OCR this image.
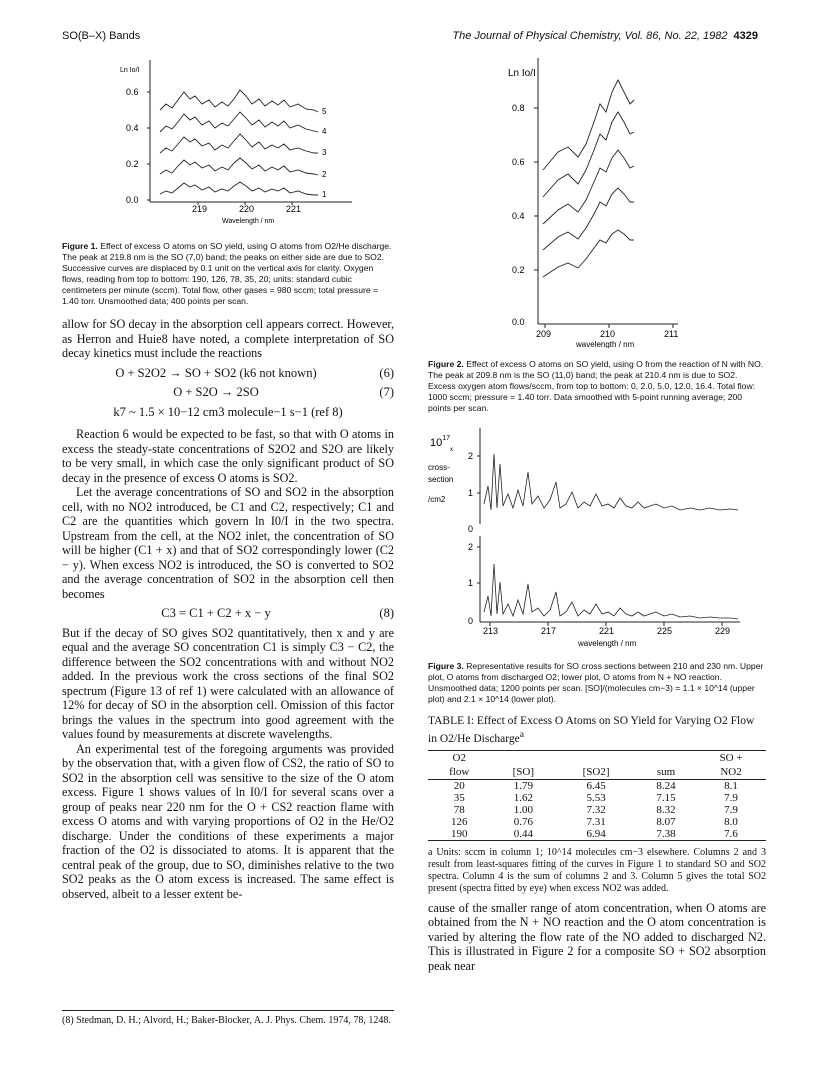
SO(B–X) Bands	The Journal of Physical Chemistry, Vol. 86, No. 22, 1982 4329
Ln Io/I
0.6
0.4
0.2
0.0
219	220	221
Wavelength / nm
5
4
3
2
1
Figure 1. Effect of excess O atoms on SO yield, using O atoms from O2/He discharge. The peak at 219.8 nm is the SO (7,0) band; the peaks on either side are due to SO2. Successive curves are displaced by 0.1 unit on the vertical axis for clarity. Oxygen flows, reading from top to bottom: 190, 126, 78, 35, 20; units: standard cubic centimeters per minute (sccm). Total flow, other gases = 980 sccm; total pressure = 1.40 torr. Unsmoothed data; 400 points per scan.

allow for SO decay in the absorption cell appears correct. However, as Herron and Huie8 have noted, a complete interpretation of SO decay kinetics must include the reactions

O + S2O2 → SO + SO2 (k6 not known)	(6)
O + S2O → 2SO	(7)
k7 ~ 1.5 × 10−12 cm3 molecule−1 s−1 (ref 8)

Reaction 6 would be expected to be fast, so that with O atoms in excess the steady-state concentrations of S2O2 and S2O are likely to be very small, in which case the only significant product of SO decay in the presence of excess O atoms is SO2.

Let the average concentrations of SO and SO2 in the absorption cell, with no NO2 introduced, be C1 and C2, respectively; C1 and C2 are the quantities which govern ln I0/I in the two spectra. Upstream from the cell, at the NO2 inlet, the concentration of SO will be higher (C1 + x) and that of SO2 correspondingly lower (C2 − y). When excess NO2 is introduced, the SO is converted to SO2 and the average concentration of SO2 in the absorption cell then becomes

C3 = C1 + C2 + x − y	(8)

But if the decay of SO gives SO2 quantitatively, then x and y are equal and the average SO concentration C1 is simply C3 − C2, the difference between the SO2 concentrations with and without NO2 added. In the previous work the cross sections of the final SO2 spectrum (Figure 13 of ref 1) were calculated with an allowance of 12% for decay of SO in the absorption cell. Omission of this factor brings the values in the spectrum into good agreement with the values found by measurements at discrete wavelengths.

An experimental test of the foregoing arguments was provided by the observation that, with a given flow of CS2, the ratio of SO to SO2 in the absorption cell was sensitive to the size of the O atom excess. Figure 1 shows values of ln I0/I for several scans over a group of peaks near 220 nm for the O + CS2 reaction flame with excess O atoms and with varying proportions of O2 in the He/O2 discharge. Under the conditions of these experiments a major fraction of the O2 is dissociated to atoms. It is apparent that the central peak of the group, due to SO, diminishes relative to the two SO2 peaks as the O atom excess is increased. The same effect is observed, albeit to a lesser extent be-

(8) Stedman, D. H.; Alvord, H.; Baker-Blocker, A. J. Phys. Chem. 1974, 78, 1248.
Ln Io/I
0.8
0.6
0.4
0.2
0.0
209	210	211
wavelength / nm
Figure 2. Effect of excess O atoms on SO yield, using O from the reaction of N with NO. The peak at 209.8 nm is the SO (11,0) band; the peak at 210.4 nm is due to SO2. Excess oxygen atom flows/sccm, from top to bottom: 0, 2.0, 5.0, 12.0, 16.4. Total flow: 1000 sccm; pressure = 1.40 torr. Data smoothed with 5-point running average; 200 points per scan.
$10^{17}$
x
cross-
section
/cm2
2
1
0
2
1
0
213	217	221	225	229
wavelength / nm
Figure 3. Representative results for SO cross sections between 210 and 230 nm. Upper plot, O atoms from discharged O2; lower plot, O atoms from N + NO reaction. Unsmoothed data; 1200 points per scan. [SO]/(molecules cm−3) = 1.1 × 10^14 (upper plot) and 2.1 × 10^14 (lower plot).
TABLE I: Effect of Excess O Atoms on SO Yield for Varying O2 Flow in O2/He Discharge$^a$
O2				SO +
flow	[SO]	[SO2]	sum	NO2
20	1.79	6.45	8.24	8.1
35	1.62	5.53	7.15	7.9
78	1.00	7.32	8.32	7.9
126	0.76	7.31	8.07	8.0
190	0.44	6.94	7.38	7.6
a Units: sccm in column 1; 10^14 molecules cm−3 elsewhere. Columns 2 and 3 result from least-squares fitting of the curves in Figure 1 to standard SO and SO2 spectra. Column 4 is the sum of columns 2 and 3. Column 5 gives the total SO2 present (spectra fitted by eye) when excess NO2 was added.

cause of the smaller range of atom concentration, when O atoms are obtained from the N + NO reaction and the O atom concentration is varied by altering the flow rate of the NO added to discharged N2. This is illustrated in Figure 2 for a composite SO + SO2 absorption peak near
